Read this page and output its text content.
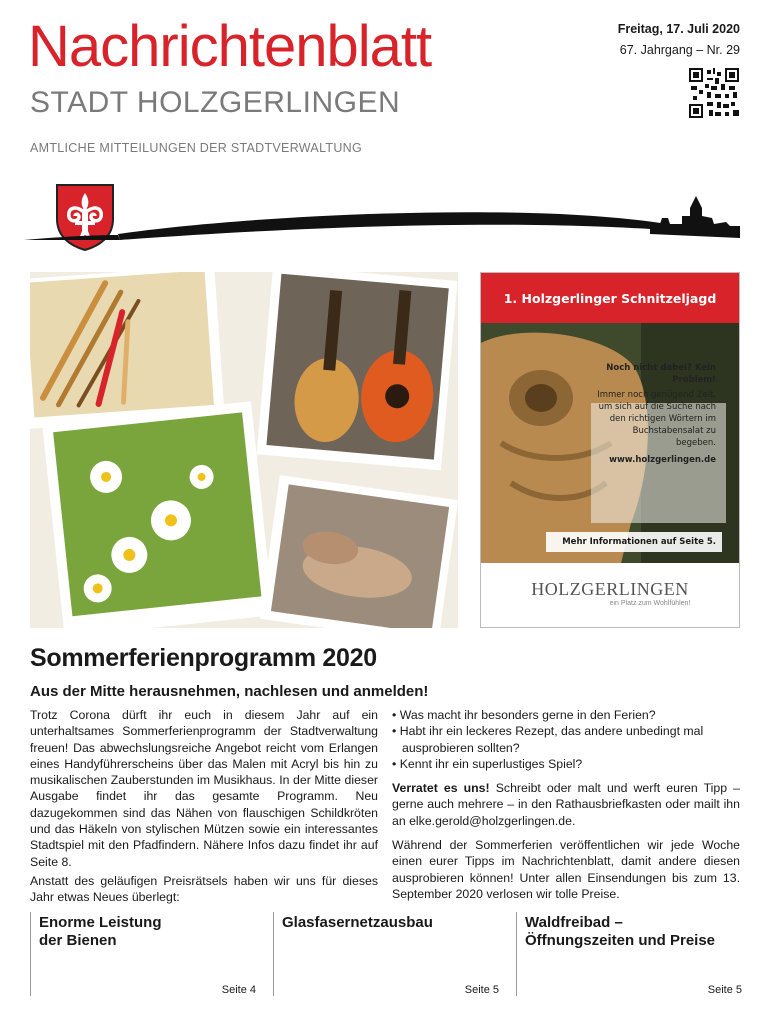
Nachrichtenblatt
STADT HOLZGERLINGEN
AMTLICHE MITTEILUNGEN DER STADTVERWALTUNG
Freitag, 17. Juli 2020
67. Jahrgang – Nr. 29
1. Holzgerlinger Schnitzeljagd
HOLZGERLINGEN
ein Platz zum Wohlfühlen!
Noch nicht dabei? Kein Problem!
Immer noch genügend Zeit, um sich auf die Suche nach den richtigen Wörtern im Buchstabensalat zu begeben.
www.holzgerlingen.de
Mehr Informationen auf Seite 5.
Sommerferienprogramm 2020
Aus der Mitte herausnehmen, nachlesen und anmelden!

Trotz Corona dürft ihr euch in diesem Jahr auf ein unterhaltsames Sommerferienprogramm der Stadtverwaltung freuen! Das abwechslungsreiche Angebot reicht vom Erlangen eines Handyführerscheins über das Malen mit Acryl bis hin zu musikalischen Zauberstunden im Musikhaus. In der Mitte dieser Ausgabe findet ihr das gesamte Programm. Neu dazugekommen sind das Nähen von flauschigen Schildkröten und das Häkeln von stylischen Mützen sowie ein interessantes Stadtspiel mit den Pfadfindern. Nähere Infos dazu findet ihr auf Seite 8.

Anstatt des geläufigen Preisrätsels haben wir uns für dieses Jahr etwas Neues überlegt:

• Was macht ihr besonders gerne in den Ferien?
• Habt ihr ein leckeres Rezept, das andere unbedingt mal ausprobieren sollten?
• Kennt ihr ein superlustiges Spiel?

Verratet es uns! Schreibt oder malt und werft euren Tipp – gerne auch mehrere – in den Rathausbriefkasten oder mailt ihn an elke.gerold@holzgerlingen.de.

Während der Sommerferien veröffentlichen wir jede Woche einen eurer Tipps im Nachrichtenblatt, damit andere diesen ausprobieren können! Unter allen Einsendungen bis zum 13. September 2020 verlosen wir tolle Preise.

Enorme Leistung der Bienen
Seite 4
Glasfasernetzausbau
Seite 5
Waldfreibad – Öffnungszeiten und Preise
Seite 5
